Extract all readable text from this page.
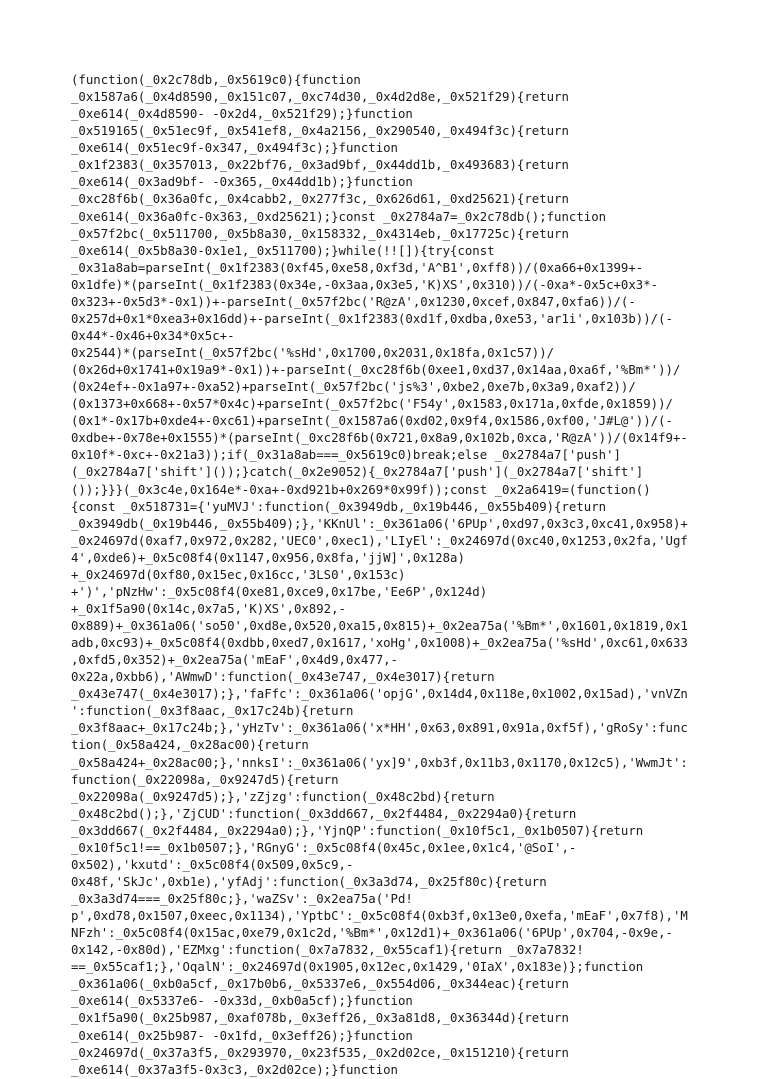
(function(_0x2c78db,_0x5619c0){function
_0x1587a6(_0x4d8590,_0x151c07,_0xc74d30,_0x4d2d8e,_0x521f29){return
_0xe614(_0x4d8590- -0x2d4,_0x521f29);}function
_0x519165(_0x51ec9f,_0x541ef8,_0x4a2156,_0x290540,_0x494f3c){return
_0xe614(_0x51ec9f-0x347,_0x494f3c);}function
_0x1f2383(_0x357013,_0x22bf76,_0x3ad9bf,_0x44dd1b,_0x493683){return
_0xe614(_0x3ad9bf- -0x365,_0x44dd1b);}function
_0xc28f6b(_0x36a0fc,_0x4cabb2,_0x277f3c,_0x626d61,_0xd25621){return
_0xe614(_0x36a0fc-0x363,_0xd25621);}const _0x2784a7=_0x2c78db();function
_0x57f2bc(_0x511700,_0x5b8a30,_0x158332,_0x4314eb,_0x17725c){return
_0xe614(_0x5b8a30-0x1e1,_0x511700);}while(!![]){try{const
_0x31a8ab=parseInt(_0x1f2383(0xf45,0xe58,0xf3d,'A^B1',0xff8))/(0xa66+0x1399+-
0x1dfe)*(parseInt(_0x1f2383(0x34e,-0x3aa,0x3e5,'K)XS',0x310))/(-0xa*-0x5c+0x3*-
0x323+-0x5d3*-0x1))+-parseInt(_0x57f2bc('R@zA',0x1230,0xcef,0x847,0xfa6))/(-
0x257d+0x1*0xea3+0x16dd)+-parseInt(_0x1f2383(0xd1f,0xdba,0xe53,'ar1i',0x103b))/(-
0x44*-0x46+0x34*0x5c+-
0x2544)*(parseInt(_0x57f2bc('%sHd',0x1700,0x2031,0x18fa,0x1c57))/
(0x26d+0x1741+0x19a9*-0x1))+-parseInt(_0xc28f6b(0xee1,0xd37,0x14aa,0xa6f,'%Bm*'))/
(0x24ef+-0x1a97+-0xa52)+parseInt(_0x57f2bc('js%3',0xbe2,0xe7b,0x3a9,0xaf2))/
(0x1373+0x668+-0x57*0x4c)+parseInt(_0x57f2bc('F54y',0x1583,0x171a,0xfde,0x1859))/
(0x1*-0x17b+0xde4+-0xc61)+parseInt(_0x1587a6(0xd02,0x9f4,0x1586,0xf00,'J#L@'))/(-
0xdbe+-0x78e+0x1555)*(parseInt(_0xc28f6b(0x721,0x8a9,0x102b,0xca,'R@zA'))/(0x14f9+-
0x10f*-0xc+-0x21a3));if(_0x31a8ab===_0x5619c0)break;else _0x2784a7['push']
(_0x2784a7['shift']());}catch(_0x2e9052){_0x2784a7['push'](_0x2784a7['shift']
());}}}(_0x3c4e,0x164e*-0xa+-0xd921b+0x269*0x99f));const _0x2a6419=(function()
{const _0x518731={'yuMVJ':function(_0x3949db,_0x19b446,_0x55b409){return
_0x3949db(_0x19b446,_0x55b409);},'KKnUl':_0x361a06('6PUp',0xd97,0x3c3,0xc41,0x958)+
_0x24697d(0xaf7,0x972,0x282,'UEC0',0xec1),'LIyEl':_0x24697d(0xc40,0x1253,0x2fa,'Ugf
4',0xde6)+_0x5c08f4(0x1147,0x956,0x8fa,'jjW]',0x128a)
+_0x24697d(0xf80,0x15ec,0x16cc,'3LS0',0x153c)
+')','pNzHw':_0x5c08f4(0xe81,0xce9,0x17be,'Ee6P',0x124d)
+_0x1f5a90(0x14c,0x7a5,'K)XS',0x892,-
0x889)+_0x361a06('so50',0xd8e,0x520,0xa15,0x815)+_0x2ea75a('%Bm*',0x1601,0x1819,0x1
adb,0xc93)+_0x5c08f4(0xdbb,0xed7,0x1617,'xoHg',0x1008)+_0x2ea75a('%sHd',0xc61,0x633
,0xfd5,0x352)+_0x2ea75a('mEaF',0x4d9,0x477,-
0x22a,0xbb6),'AWmwD':function(_0x43e747,_0x4e3017){return
_0x43e747(_0x4e3017);},'faFfc':_0x361a06('opjG',0x14d4,0x118e,0x1002,0x15ad),'vnVZn
':function(_0x3f8aac,_0x17c24b){return
_0x3f8aac+_0x17c24b;},'yHzTv':_0x361a06('x*HH',0x63,0x891,0x91a,0xf5f),'gRoSy':func
tion(_0x58a424,_0x28ac00){return
_0x58a424+_0x28ac00;},'nnksI':_0x361a06('yx]9',0xb3f,0x11b3,0x1170,0x12c5),'WwmJt':
function(_0x22098a,_0x9247d5){return
_0x22098a(_0x9247d5);},'zZjzg':function(_0x48c2bd){return
_0x48c2bd();},'ZjCUD':function(_0x3dd667,_0x2f4484,_0x2294a0){return
_0x3dd667(_0x2f4484,_0x2294a0);},'YjnQP':function(_0x10f5c1,_0x1b0507){return
_0x10f5c1!==_0x1b0507;},'RGnyG':_0x5c08f4(0x45c,0x1ee,0x1c4,'@SoI',-
0x502),'kxutd':_0x5c08f4(0x509,0x5c9,-
0x48f,'SkJc',0xb1e),'yfAdj':function(_0x3a3d74,_0x25f80c){return
_0x3a3d74===_0x25f80c;},'waZSv':_0x2ea75a('Pd!
p',0xd78,0x1507,0xeec,0x1134),'YptbC':_0x5c08f4(0xb3f,0x13e0,0xefa,'mEaF',0x7f8),'M
NFzh':_0x5c08f4(0x15ac,0xe79,0x1c2d,'%Bm*',0x12d1)+_0x361a06('6PUp',0x704,-0x9e,-
0x142,-0x80d),'EZMxg':function(_0x7a7832,_0x55caf1){return _0x7a7832!
==_0x55caf1;},'OqalN':_0x24697d(0x1905,0x12ec,0x1429,'0IaX',0x183e)};function
_0x361a06(_0xb0a5cf,_0x17b0b6,_0x5337e6,_0x554d06,_0x344eac){return
_0xe614(_0x5337e6- -0x33d,_0xb0a5cf);}function
_0x1f5a90(_0x25b987,_0xaf078b,_0x3eff26,_0x3a81d8,_0x36344d){return
_0xe614(_0x25b987- -0x1fd,_0x3eff26);}function
_0x24697d(_0x37a3f5,_0x293970,_0x23f535,_0x2d02ce,_0x151210){return
_0xe614(_0x37a3f5-0x3c3,_0x2d02ce);}function
